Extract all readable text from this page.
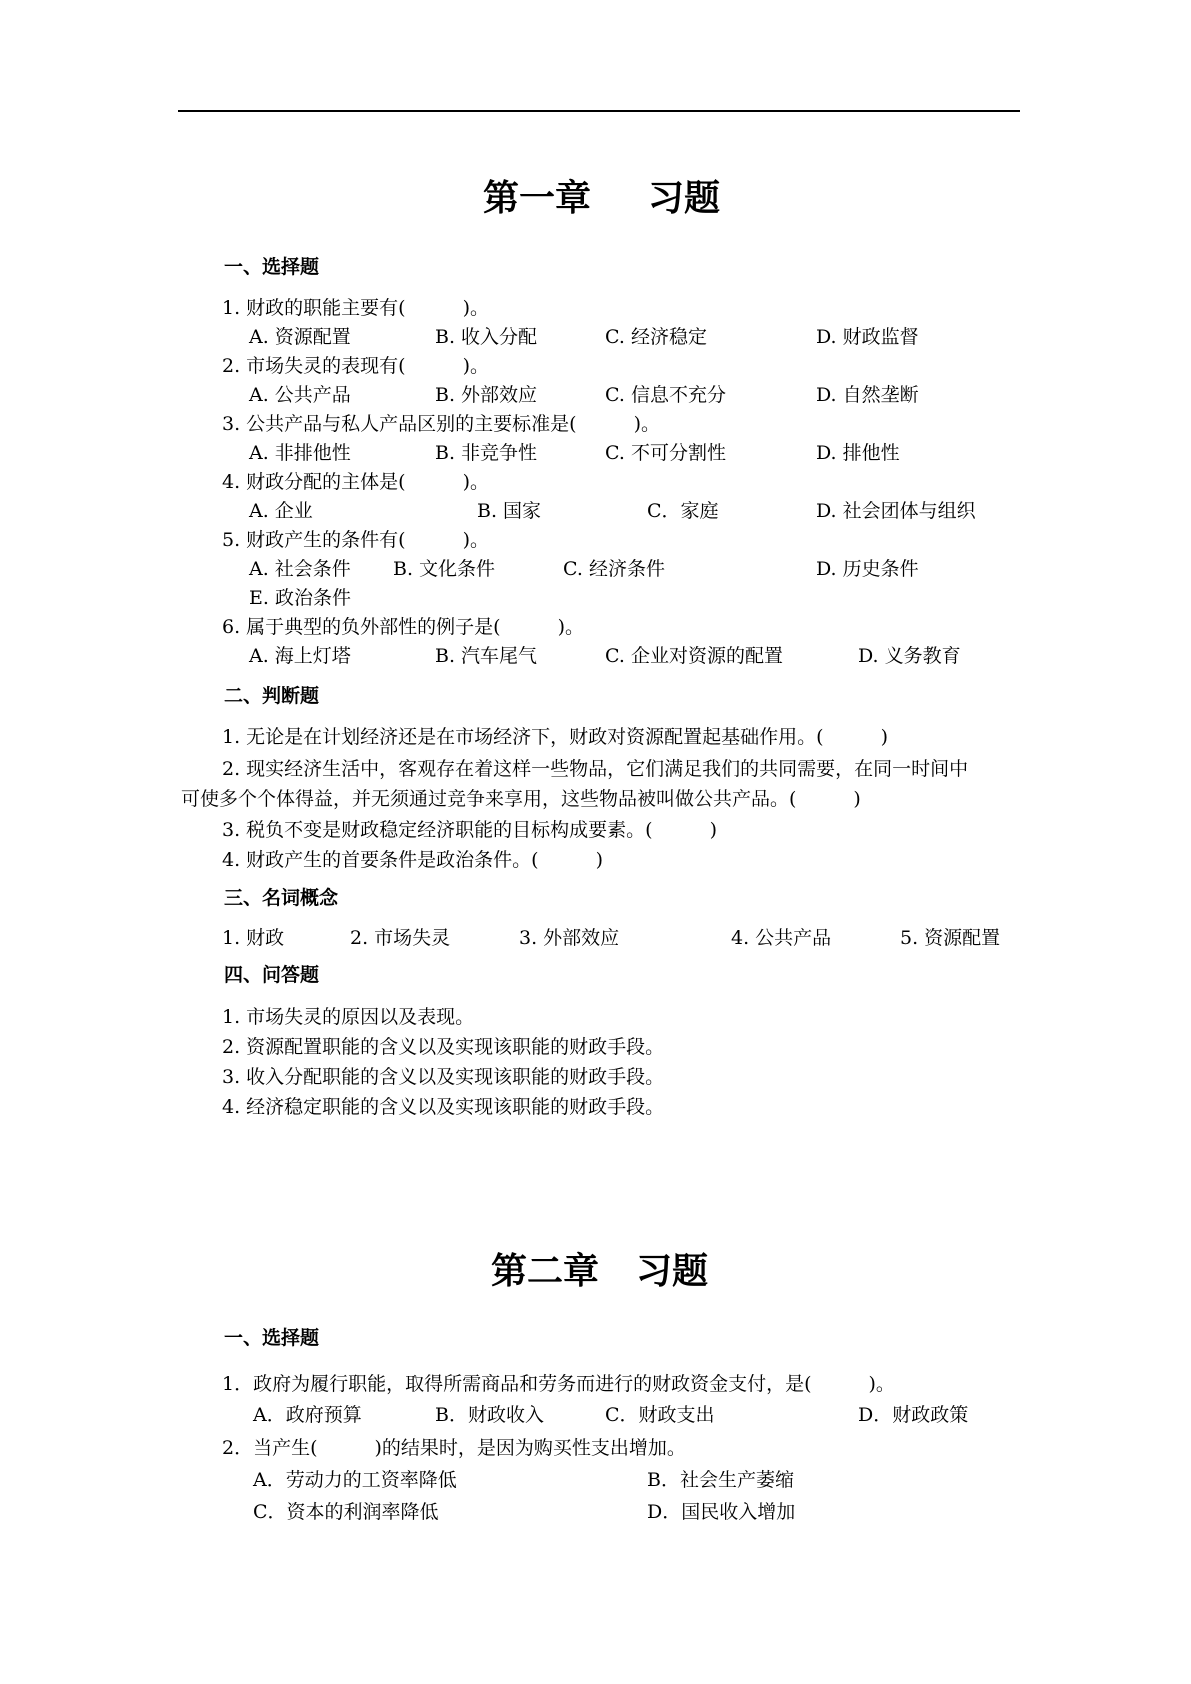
第一章 习题
一、选择题
1. 财政的职能主要有(　　　)。
A. 资源配置	B. 收入分配	C. 经济稳定	D. 财政监督
2. 市场失灵的表现有(　　　)。
A. 公共产品	B. 外部效应	C. 信息不充分	D. 自然垄断
3. 公共产品与私人产品区别的主要标准是(　　　)。
A. 非排他性	B. 非竞争性	C. 不可分割性	D. 排他性
4. 财政分配的主体是(　　　)。
A. 企业	B. 国家	C．家庭	D. 社会团体与组织
5. 财政产生的条件有(　　　)。
A. 社会条件 B. 文化条件	C. 经济条件	D. 历史条件
E. 政治条件
6. 属于典型的负外部性的例子是(　　　)。
A. 海上灯塔	B. 汽车尾气	C. 企业对资源的配置	D. 义务教育
二、判断题
1. 无论是在计划经济还是在市场经济下，财政对资源配置起基础作用。(　　　)
2. 现实经济生活中，客观存在着这样一些物品，它们满足我们的共同需要，在同一时间中
可使多个个体得益，并无须通过竞争来享用，这些物品被叫做公共产品。(　　　)
3. 税负不变是财政稳定经济职能的目标构成要素。(　　　)
4. 财政产生的首要条件是政治条件。(　　　)
三、名词概念
1. 财政	2. 市场失灵	3. 外部效应	4. 公共产品	5. 资源配置
四、问答题
1. 市场失灵的原因以及表现。
2. 资源配置职能的含义以及实现该职能的财政手段。
3. 收入分配职能的含义以及实现该职能的财政手段。
4. 经济稳定职能的含义以及实现该职能的财政手段。
第二章 习题
一、选择题
1．政府为履行职能，取得所需商品和劳务而进行的财政资金支付，是(　　　)。
A．政府预算	B．财政收入	C．财政支出	D．财政政策
2．当产生(　　　)的结果时，是因为购买性支出增加。
A．劳动力的工资率降低	B．社会生产萎缩
C．资本的利润率降低	D．国民收入增加
